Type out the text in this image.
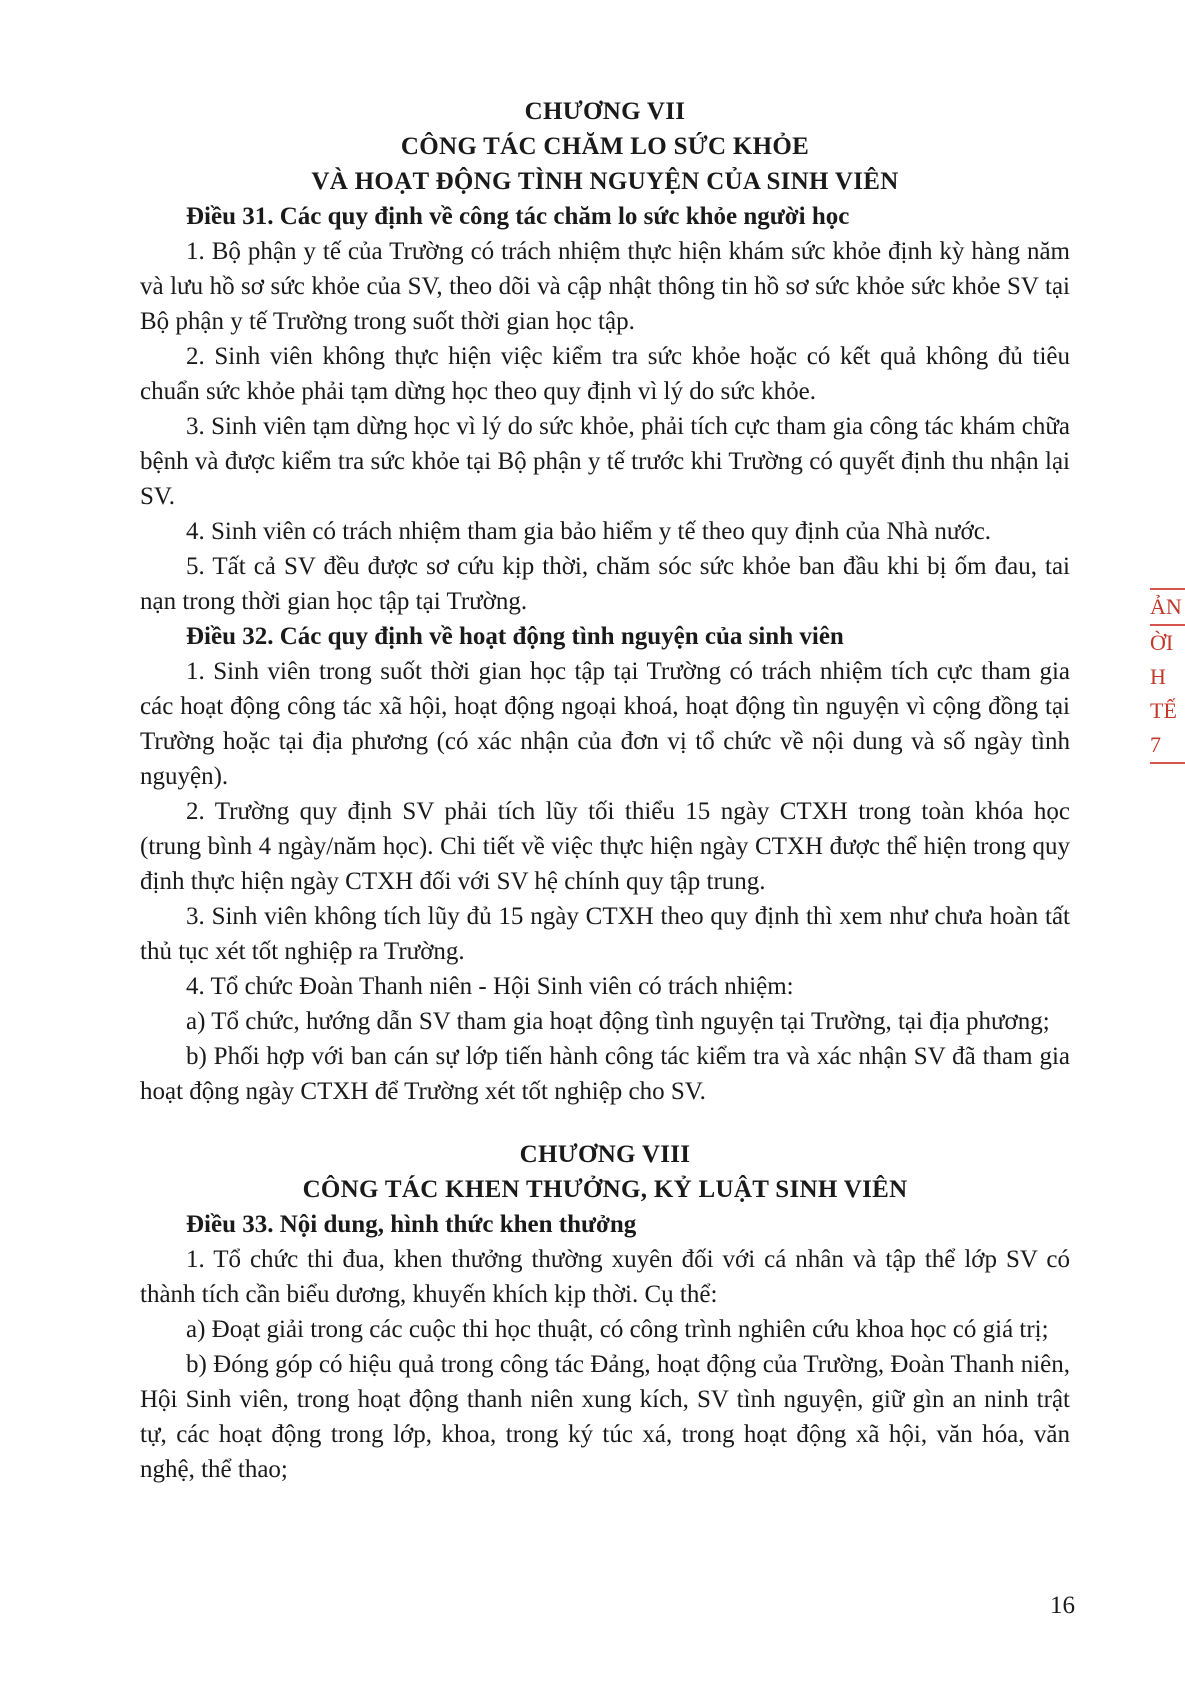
CHƯƠNG VII

CÔNG TÁC CHĂM LO SỨC KHỎE

VÀ HOẠT ĐỘNG TÌNH NGUYỆN CỦA SINH VIÊN

Điều 31. Các quy định về công tác chăm lo sức khỏe người học

1. Bộ phận y tế của Trường có trách nhiệm thực hiện khám sức khỏe định kỳ hàng năm và lưu hồ sơ sức khỏe của SV, theo dõi và cập nhật thông tin hồ sơ sức khỏe sức khỏe SV tại Bộ phận y tế Trường trong suốt thời gian học tập.

2. Sinh viên không thực hiện việc kiểm tra sức khỏe hoặc có kết quả không đủ tiêu chuẩn sức khỏe phải tạm dừng học theo quy định vì lý do sức khỏe.

3. Sinh viên tạm dừng học vì lý do sức khỏe, phải tích cực tham gia công tác khám chữa bệnh và được kiểm tra sức khỏe tại Bộ phận y tế trước khi Trường có quyết định thu nhận lại SV.

4. Sinh viên có trách nhiệm tham gia bảo hiểm y tế theo quy định của Nhà nước.

5. Tất cả SV đều được sơ cứu kịp thời, chăm sóc sức khỏe ban đầu khi bị ốm đau, tai nạn trong thời gian học tập tại Trường.

Điều 32. Các quy định về hoạt động tình nguyện của sinh viên

1. Sinh viên trong suốt thời gian học tập tại Trường có trách nhiệm tích cực tham gia các hoạt động công tác xã hội, hoạt động ngoại khoá, hoạt động tìn nguyện vì cộng đồng tại Trường hoặc tại địa phương (có xác nhận của đơn vị tổ chức về nội dung và số ngày tình nguyện).

2. Trường quy định SV phải tích lũy tối thiểu 15 ngày CTXH trong toàn khóa học (trung bình 4 ngày/năm học). Chi tiết về việc thực hiện ngày CTXH được thể hiện trong quy định thực hiện ngày CTXH đối với SV hệ chính quy tập trung.

3. Sinh viên không tích lũy đủ 15 ngày CTXH theo quy định thì xem như chưa hoàn tất thủ tục xét tốt nghiệp ra Trường.

4. Tổ chức Đoàn Thanh niên - Hội Sinh viên có trách nhiệm:

a) Tổ chức, hướng dẫn SV tham gia hoạt động tình nguyện tại Trường, tại địa phương;

b) Phối hợp với ban cán sự lớp tiến hành công tác kiểm tra và xác nhận SV đã tham gia hoạt động ngày CTXH để Trường xét tốt nghiệp cho SV.

CHƯƠNG VIII

CÔNG TÁC KHEN THƯỞNG, KỶ LUẬT SINH VIÊN

Điều 33. Nội dung, hình thức khen thưởng

1. Tổ chức thi đua, khen thưởng thường xuyên đối với cá nhân và tập thể lớp SV có thành tích cần biểu dương, khuyến khích kịp thời. Cụ thể:

a) Đoạt giải trong các cuộc thi học thuật, có công trình nghiên cứu khoa học có giá trị;

b) Đóng góp có hiệu quả trong công tác Đảng, hoạt động của Trường, Đoàn Thanh niên, Hội Sinh viên, trong hoạt động thanh niên xung kích, SV tình nguyện, giữ gìn an ninh trật tự, các hoạt động trong lớp, khoa, trong ký túc xá, trong hoạt động xã hội, văn hóa, văn nghệ, thể thao;

ẢN
ỜI
H
TẾ
7
16
